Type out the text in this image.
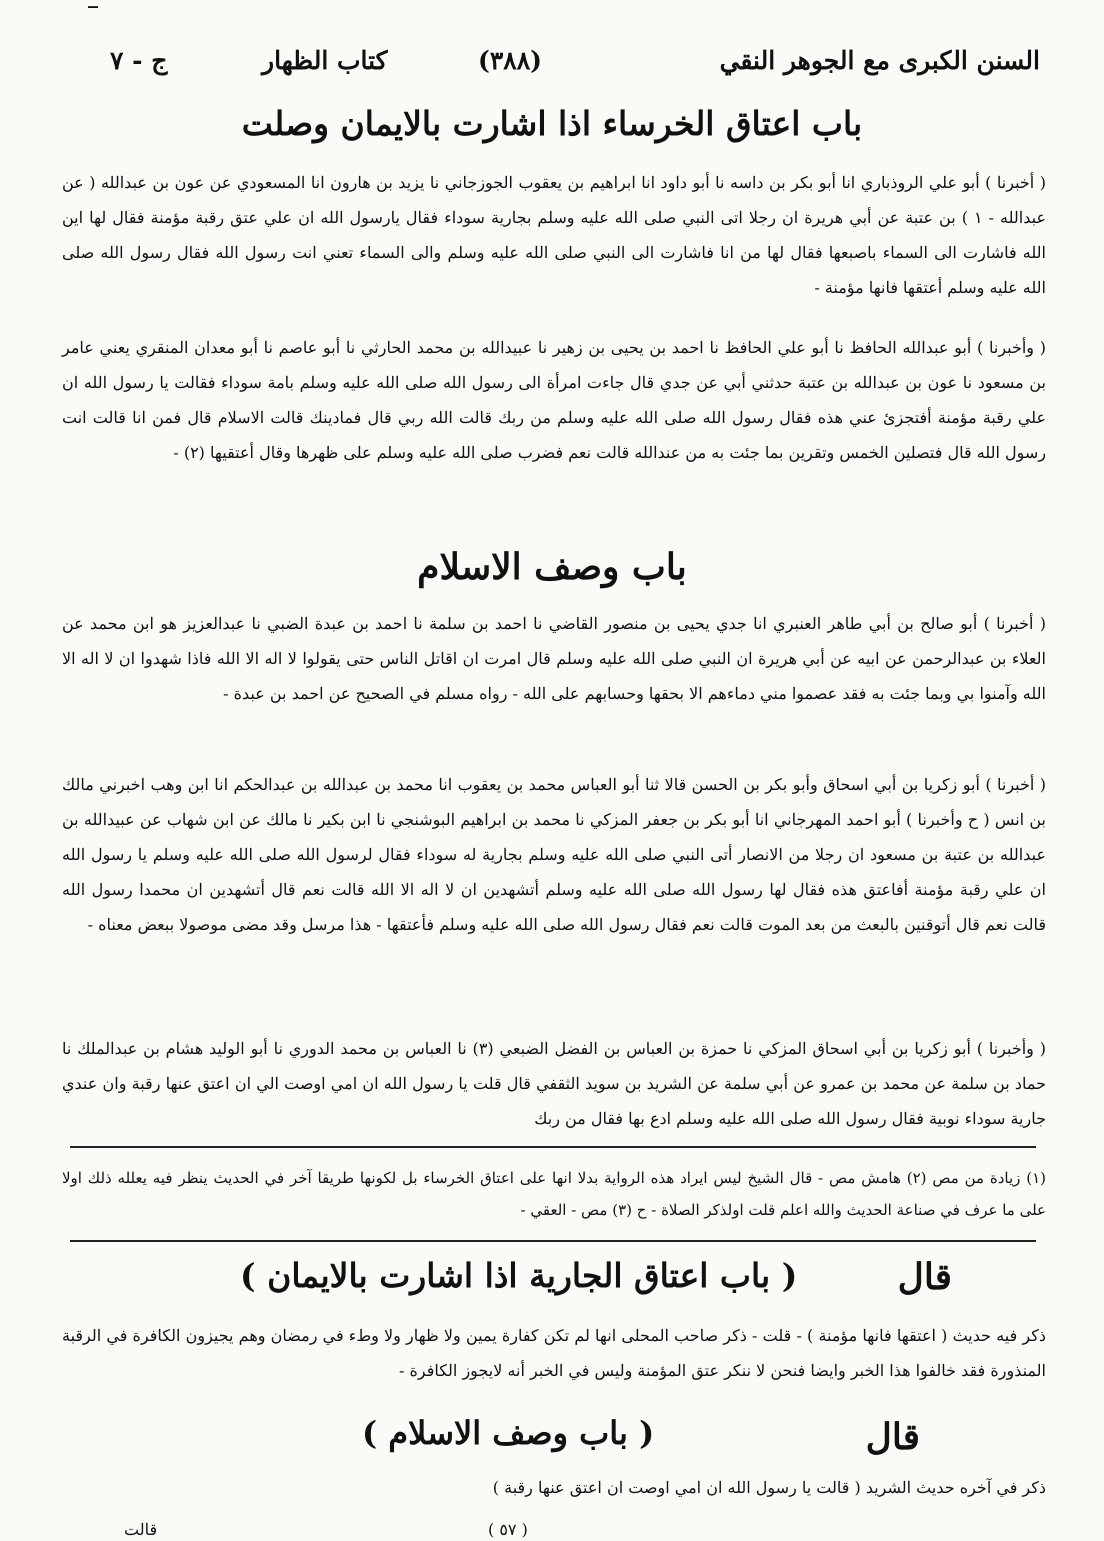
‾
السنن الكبرى مع الجوهر النقي
(٣٨٨)
كتاب الظهار
ج - ٧
باب اعتاق الخرساء اذا اشارت بالايمان وصلت

( أخبرنا ) أبو علي الروذباري انا أبو بكر بن داسه نا أبو داود انا ابراهيم بن يعقوب الجوزجاني نا يزيد بن هارون انا المسعودي عن عون بن عبدالله ( عن عبدالله - ١ ) بن عتبة عن أبي هريرة ان رجلا اتى النبي صلى الله عليه وسلم بجارية سوداء فقال يارسول الله ان علي عتق رقبة مؤمنة فقال لها اين الله فاشارت الى السماء باصبعها فقال لها من انا فاشارت الى النبي صلى الله عليه وسلم والى السماء تعني انت رسول الله فقال رسول الله صلى الله عليه وسلم أعتقها فانها مؤمنة -

( وأخبرنا ) أبو عبدالله الحافظ نا أبو علي الحافظ نا احمد بن يحيى بن زهير نا عبيدالله بن محمد الحارثي نا أبو عاصم نا أبو معدان المنقري يعني عامر بن مسعود نا عون بن عبدالله بن عتبة حدثني أبي عن جدي قال جاءت امرأة الى رسول الله صلى الله عليه وسلم بامة سوداء فقالت يا رسول الله ان علي رقبة مؤمنة أفتجزئ عني هذه فقال رسول الله صلى الله عليه وسلم من ربك قالت الله ربي قال فمادينك قالت الاسلام قال فمن انا قالت انت رسول الله قال فتصلين الخمس وتقرين بما جئت به من عندالله قالت نعم فضرب صلى الله عليه وسلم على ظهرها وقال أعتقيها (٢) -

باب وصف الاسلام

( أخبرنا ) أبو صالح بن أبي طاهر العنبري انا جدي يحيى بن منصور القاضي نا احمد بن سلمة نا احمد بن عبدة الضبي نا عبدالعزيز هو ابن محمد عن العلاء بن عبدالرحمن عن ابيه عن أبي هريرة ان النبي صلى الله عليه وسلم قال امرت ان اقاتل الناس حتى يقولوا لا اله الا الله فاذا شهدوا ان لا اله الا الله وآمنوا بي وبما جئت به فقد عصموا مني دماءهم الا بحقها وحسابهم على الله - رواه مسلم في الصحيح عن احمد بن عبدة -

( أخبرنا ) أبو زكريا بن أبي اسحاق وأبو بكر بن الحسن قالا ثنا أبو العباس محمد بن يعقوب انا محمد بن عبدالله بن عبدالحكم انا ابن وهب اخبرني مالك بن انس ( ح وأخبرنا ) أبو احمد المهرجاني انا أبو بكر بن جعفر المزكي نا محمد بن ابراهيم البوشنجي نا ابن بكير نا مالك عن ابن شهاب عن عبيدالله بن عبدالله بن عتبة بن مسعود ان رجلا من الانصار أتى النبي صلى الله عليه وسلم بجارية له سوداء فقال لرسول الله صلى الله عليه وسلم يا رسول الله ان علي رقبة مؤمنة أفاعتق هذه فقال لها رسول الله صلى الله عليه وسلم أتشهدين ان لا اله الا الله قالت نعم قال أتشهدين ان محمدا رسول الله قالت نعم قال أتوقنين بالبعث من بعد الموت قالت نعم فقال رسول الله صلى الله عليه وسلم فأعتقها - هذا مرسل وقد مضى موصولا ببعض معناه -

( وأخبرنا ) أبو زكريا بن أبي اسحاق المزكي نا حمزة بن العباس بن الفضل الضبعي (٣) نا العباس بن محمد الدوري نا أبو الوليد هشام بن عبدالملك نا حماد بن سلمة عن محمد بن عمرو عن أبي سلمة عن الشريد بن سويد الثقفي قال قلت يا رسول الله ان امي اوصت الي ان اعتق عنها رقبة وان عندي جارية سوداء نوبية فقال رسول الله صلى الله عليه وسلم ادع بها فقال من ربك

(١) زيادة من مص (٢) هامش مص - قال الشيخ ليس ايراد هذه الرواية بدلا انها على اعتاق الخرساء بل لكونها طريقا آخر في الحديث ينظر فيه يعلله ذلك اولا على ما عرف في صناعة الحديث والله اعلم قلت اولذكر الصلاة - ح (٣) مص - العقي -

قال
( باب اعتاق الجارية اذا اشارت بالايمان )

ذكر فيه حديث ( اعتقها فانها مؤمنة ) - قلت - ذكر صاحب المحلى انها لم تكن كفارة يمين ولا ظهار ولا وطء في رمضان وهم يجيزون الكافرة في الرقبة المنذورة فقد خالفوا هذا الخبر وايضا فنحن لا ننكر عتق المؤمنة وليس في الخبر أنه لايجوز الكافرة -

قال
( باب وصف الاسلام )

ذكر في آخره حديث الشريد ( قالت يا رسول الله ان امي اوصت ان اعتق عنها رقبة )

( ٥٧ )
قالت
